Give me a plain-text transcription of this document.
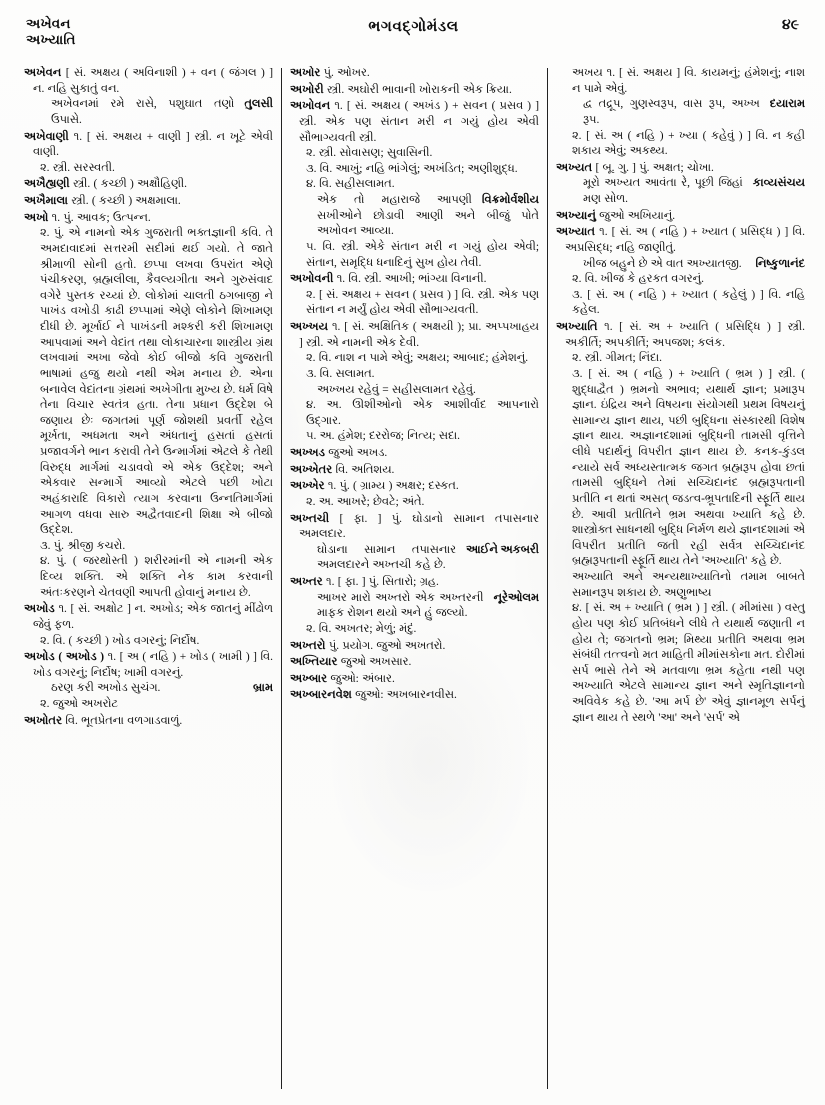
અખેવન
અખ્યાતિ
ભગવદ્ગોમંડલ	૪૯

અખેવન [ સં. અક્ષય ( અવિનાશી ) + વન ( જંગલ ) ] ન. નહિ સુકાતું વન.

તુલસી

અખેવનમાં રમે રાસે, પશુઘાત તણો ઉપાસે.

અખેવાણી ૧. [ સં. અક્ષય + વાણી ] સ્ત્રી. ન ખૂટે એવી વાણી.

૨. સ્ત્રી. સરસ્વતી.

અખૈહ્યણી સ્ત્રી. ( કચ્છી ) અક્ષૌહિણી.

અખૈમાલા સ્ત્રી. ( કચ્છી ) અક્ષમાલા.

અખો ૧. પું. આવક; ઉત્પન્ન.

૨. પું. એ નામનો એક ગુજરાતી ભક્તજ્ઞાની કવિ. તે અમદાવાદમાં સત્તરમી સદીમાં થઈ ગયો. તે જાતે શ્રીમાળી સોની હતો. છપ્પા લખવા ઉપરાંત એણે પંચીકરણ, બ્રહ્મલીલા, કૈવલ્યગીતા અને ગુરુસંવાદ વગેરે પુસ્તક રચ્યાં છે. લોકોમાં ચાલતી ઠગબાજી ને પાખંડ વખોડી કાઢી છપ્પામાં એણે લોકોને શિખામણ દીધી છે. મૂર્ખાઈ ને પાખંડની મશ્કરી કરી શિખામણ આપવામાં અને વેદાંત તથા લોકાચારના શાસ્ત્રીય ગ્રંથ લખવામાં અખા જેવો કોઈ બીજો કવિ ગુજરાતી ભાષામાં હજુ થયો નથી એમ મનાય છે. એના બનાવેલ વેદાંતના ગ્રંથમાં અખેગીતા મુખ્ય છે. ધર્મ વિષે તેના વિચાર સ્વતંત્ર હતા. તેના પ્રધાન ઉદ્દેશ બે જણાય છેઃ જગતમાં પૂર્ણ જોશથી પ્રવર્તી રહેલ મૂર્ખતા, અધમતા અને અંધતાનું હસતાં હસતાં પ્રજાવર્ગને ભાન કરાવી તેને ઉન્માર્ગમાં એટલે કે તેથી વિરુદ્ધ માર્ગમાં ચડાવવો એ એક ઉદ્દેશ; અને એકવાર સન્માર્ગે આવ્યો એટલે પછી ખોટા અહંકારાદિ વિકારો ત્યાગ કરવાના ઉન્નતિમાર્ગમાં આગળ વધવા સારુ અદ્વૈતવાદની શિક્ષા એ બીજો ઉદ્દેશ.

૩. પું. શ્રીજી કચરો.

૪. પું. ( જરથોસ્તી ) શરીરમાંની એ નામની એક દિવ્ય શક્તિ. એ શક્તિ નેક કામ કરવાની અંતઃકરણને ચેતવણી આપતી હોવાનું મનાય છે.

અખોડ ૧. [ સં. અક્ષોટ ] ન. અખોડ; એક જાતનું મીંઢોળ જેવું ફળ.

૨. વિ. ( કચ્છી ) ખોડ વગરનું; નિર્દોષ.

અખોડ ( અખોડ ) ૧. [ અ ( નહિ ) + ખોડ ( ખામી ) ] વિ. ખોડ વગરનું; નિર્દોષ; ખામી વગરનું.

બ્રામ

ઠરણ કરી અખોડ સુચંગ.

૨. જુઓ અખરોટ

અખોતર વિ. ભૂતપ્રેતના વળગાડવાળું.

અખોર પું. ઓખર.

અખોરી સ્ત્રી. અઘોરી ભાવાની ખોરાકની એક ક્રિયા.

અખોવન ૧. [ સં. અક્ષય ( અખંડ ) + સવન ( પ્રસવ ) ] સ્ત્રી. એક પણ સંતાન મરી ન ગયું હોય એવી સૌભાગ્યવતી સ્ત્રી.

૨. સ્ત્રી. સોવાસણ; સુવાસિની.

૩. વિ. આખું; નહિ ભાંગેલું; અખંડિત; અણીશુદ્ધ.

૪. વિ. સહીસલામત.

વિક્રમોર્વશીય

એક તો મહારાજે આપણી સખીઓને છોડાવી આણી અને બીજું પોતે અખોવન આવ્યા.

૫. વિ. સ્ત્રી. એકે સંતાન મરી ન ગયું હોય એવી; સંતાન, સમૃદ્ધિ ધનાદિનું સુખ હોય તેવી.

અખોવની ૧. વિ. સ્ત્રી. આખી; ભાંગ્યા વિનાની.

૨. [ સં. અક્ષય + સવન ( પ્રસવ ) ] વિ. સ્ત્રી. એક પણ સંતાન ન મર્યું હોય એવી સૌભાગ્યવતી.

અખ્ખય ૧. [ સં. અક્ષિતિક ( અક્ષયી ); પ્રા. અપ્પખાહય ] સ્ત્રી. એ નામની એક દેવી.

૨. વિ. નાશ ન પામે એવું; અક્ષય; આબાદ; હંમેશનું.

૩. વિ. સલામત.

અખ્ખય રહેવું = સહીસલામત રહેવું.

૪. અ. ઊશીઓનો એક આશીર્વાદ આપનારો ઉદ્ગાર.

૫. અ. હંમેશ; દરરોજ; નિત્ય; સદા.

અખ્ખડ જુઓ અખડ.

અખ્ખેતર વિ. અતિશય.

અખ્ખેર ૧. પું. ( ગ્રામ્ય ) અક્ષર; દસ્કત.

૨. અ. આખરે; છેવટે; અંતે.

અખ્તચી [ ફા. ] પું. ઘોડાનો સામાન તપાસનાર અમલદાર.

આઈને અકબરી

ઘોડાના સામાન તપાસનાર અમલદારને અખ્તચી કહે છે.

અખ્તર ૧. [ ફા. ] પું. સિતારો; ગ્રહ.

નૂરેઓલમ

આખર મારો અખ્તરો એક અખ્તરની માફક રોશન થયો અને હું જલ્યો.

૨. વિ. અખતર; મેળું; મંદું.

અખ્તરો પું. પ્રયોગ. જુઓ અખતરો.

અખ્તિયાર જુઓ અખસાર.

અખ્બાર જુઓ: અંબાર.

અખ્બારનવેશ જુઓ: અખબારનવીસ.

અખય ૧. [ સં. અક્ષય ] વિ. કાયમનું; હંમેશનું; નાશ ન પામે એવું.

દયારામ

દ્વ તદ્રૂપ, ગુણસ્વરૂપ, વાસ રૂપ, અખ્ખ રૂપ.

૨. [ સં. અ ( નહિ ) + ખ્યા ( કહેવું ) ] વિ. ન કહી શકાય એવું; અકથ્ય.

અખ્યત [ બૂ. ગુ. ] પું. અક્ષત; ચોખા.

કાવ્યસંચય

મૂરો અખ્યત આવંતા રે, પૂછી જિહાં મણ સોળ.

અખ્યાનું જુઓ અખિયાનું.

અખ્યાત ૧. [ સં. અ ( નહિ ) + ખ્યાત ( પ્રસિદ્ધ ) ] વિ. અપ્રસિદ્ધ; નહિ જાણીતું.

નિષ્કુળાનંદ

ખીજ બહુને છે એ વાત અખ્યાતજી.

૨. વિ. ખીજ કે હરકત વગરનું.

૩. [ સં. અ ( નહિ ) + ખ્યાત ( કહેલું ) ] વિ. નહિ કહેલ.

અખ્યાતિ ૧. [ સં. અ + ખ્યાતિ ( પ્રસિદ્ધિ ) ] સ્ત્રી. અકીર્તિ; અપકીર્તિ; અપજશ; કલંક.

૨. સ્ત્રી. ગીમત; નિંદા.

૩. [ સં. અ ( નહિ ) + ખ્યાતિ ( ભ્રમ ) ] સ્ત્રી. ( શુદ્ધાદ્વૈત ) ભ્રમનો અભાવ; યથાર્થ જ્ઞાન; પ્રમારૂપ જ્ઞાન. ઇંદ્રિય અને વિષયના સંયોગથી પ્રથમ વિષયનું સામાન્ય જ્ઞાન થાય, પછી બુદ્ધિના સંસ્કારથી વિશેષ જ્ઞાન થાય. અજ્ઞાનદશામાં બુદ્ધિની તામસી વૃત્તિને લીધે પદાર્થનું વિપરીત જ્ઞાન થાય છે. કનક-કુંડલ ન્યાયે સર્વ અધ્યસ્તાત્મક જગત બ્રહ્મરૂપ હોવા છતાં તામસી બુદ્ધિને તેમાં સચ્ચિદાનંદ બ્રહ્મરૂપતાની પ્રતીતિ ન થતાં અસત્ જડત્વ-ભ્રૂપતાદિની સ્ફૂર્તિ થાય છે. આવી પ્રતીતિને ભ્રમ અથવા ખ્યાતિ કહે છે. શાસ્ત્રોક્ત સાધનથી બુદ્ધિ નિર્મળ થયે જ્ઞાનદશામાં એ વિપરીત પ્રતીતિ જતી રહી સર્વત્ર સચ્ચિદાનંદ બ્રહ્મરૂપતાની સ્ફૂર્તિ થાય તેને 'અખ્યાતિ' કહે છે.

અખ્યાતિ અને અન્યથાખ્યાતિનો તમામ બાબતે સમાનરૂપ શકાય છે. અણુભાષ્ય

૪. [ સં. અ + ખ્યાતિ ( ભ્રમ ) ] સ્ત્રી. ( મીમાંસા ) વસ્તુ હોય પણ કોઈ પ્રતિબંધને લીધે તે યથાર્થ જણાતી ન હોય તે; જગતનો ભ્રમ; મિથ્યા પ્રતીતિ અથવા ભ્રમ સંબંધી તત્ત્વનો મત માહિતી મીમાંસકોના મત. દોરીમાં સર્પ ભાસે તેને એ મતવાળા ભ્રમ કહેતા નથી પણ અખ્યાતિ એટલે સામાન્ય જ્ઞાન અને સ્મૃતિજ્ઞાનનો અવિવેક કહે છે. 'આ મર્પ છે' એવું જ્ઞાનમૂળ સર્પનું જ્ઞાન થાય તે સ્થળે 'આ' અને 'સર્પ' એ
